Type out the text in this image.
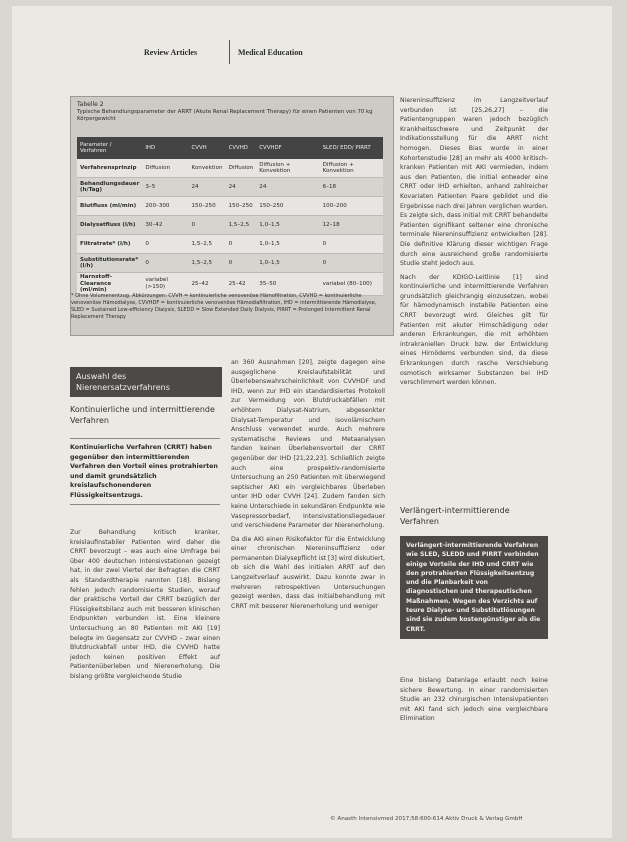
Review Articles	Medical Education
Tabelle 2
Typische Behandlungsparameter der ARRT (Akute Renal Replacement Therapy) für einen Patienten von 70 kg Körpergewicht
Parameter / Verfahren	IHD	CVVH	CVVHD	CVVHDF	SLED/ EDD/ PIRRT
Verfahrensprinzip	Diffusion	Konvektion	Diffusion	Diffusion + Konvektion	Diffusion + Konvektion
Behandlungsdauer (h/Tag)	3–5	24	24	24	6–18
Blutfluss (ml/min)	200–300	150–250	150–250	150–250	100–200
Dialysatfluss (l/h)	30–42	0	1,5–2,5	1,0–1,5	12–18
Filtratrate* (l/h)	0	1,5–2,5	0	1,0–1,5	0
Substitutionsrate* (l/h)	0	1,5–2,5	0	1,0–1,5	0
Harnstoff-Clearance (ml/min)	variabel (>150)	25–42	25–42	35–50	variabel (80–100)
* Ohne Volumenentzug. Abkürzungen: CVVH = kontinuierliche venovenöse Hämofiltration, CVVHD = kontinuierliche venovenöse Hämodialyse, CVVHDF = kontinuierliche venovenöse Hämodiafiltration, IHD = intermittierende Hämodialyse, SLED = Sustained Low-efficiency Dialysis, SLEDD = Slow Extended Daily Dialysis, PIRRT = Prolonged Intermittent Renal Replacement Therapy
Auswahl des Nierenersatzverfahrens
Kontinuierliche und intermittierende Verfahren
Kontinuierliche Verfahren (CRRT) haben gegenüber den intermittierenden Verfahren den Vorteil eines protrahierten und damit grundsätzlich kreislaufschonenderen Flüssigkeitsentzugs.

Zur Behandlung kritisch kranker, kreislaufinstabiler Patienten wird daher die CRRT bevorzugt – was auch eine Umfrage bei über 400 deutschen Intensivstationen gezeigt hat, in der zwei Viertel der Befragten die CRRT als Standardtherapie nannten [18]. Bislang fehlen jedoch randomisierte Studien, worauf der praktische Vorteil der CRRT bezüglich der Flüssigkeitsbilanz auch mit besseren klinischen Endpunkten verbunden ist. Eine kleinere Untersuchung an 80 Patienten mit AKI [19] belegte im Gegensatz zur CVVHD – zwar einen Blutdruckabfall unter IHD, die CVVHD hatte jedoch keinen positiven Effekt auf Patientenüberleben und Nierenerholung. Die bislang größte vergleichende Studie

an 360 Ausnahmen [20], zeigte dagegen eine ausgeglichene Kreislaufstabilität und Überlebenswahrscheinlichkeit von CVVHDF und IHD, wenn zur IHD ein standardisiertes Protokoll zur Vermeidung von Blutdruckabfällen mit erhöhtem Dialysat-Natrium, abgesenkter Dialysat-Temperatur und isovolämischem Anschluss verwendet wurde. Auch mehrere systematische Reviews und Metaanalysen fanden keinen Überlebensvorteil der CRRT gegenüber der IHD [21,22,23]. Schließlich zeigte auch eine prospektiv-randomisierte Untersuchung an 250 Patienten mit überwiegend septischer AKI ein vergleichbares Überleben unter IHD oder CVVH [24]. Zudem fanden sich keine Unterschiede in sekundären Endpunkte wie Vasopressorbedarf, Intensivstationsliegedauer und verschiedene Parameter der Nierenerholung.

Da die AKI einen Risikofaktor für die Entwicklung einer chronischen Niereninsuffizienz oder permanenten Dialysepflicht ist [3] wird diskutiert, ob sich die Wahl des initialen ARRT auf den Langzeitverlauf auswirkt. Dazu konnte zwar in mehreren retrospektiven Untersuchungen gezeigt werden, dass das Initialbehandlung mit CRRT mit besserer Nierenerholung und weniger

Niereninsuffizienz im Langzeitverlauf verbunden ist [25,26,27] – die Patientengruppen waren jedoch bezüglich Krankheitsschwere und Zeitpunkt der Indikationsstellung für die ARRT nicht homogen. Dieses Bias wurde in einer Kohortenstudie [28] an mehr als 4000 kritisch-kranken Patienten mit AKI vermieden, indem aus den Patienten, die initial entweder eine CRRT oder IHD erhielten, anhand zahlreicher Kovariaten Patienten Paare gebildet und die Ergebnisse nach drei Jahren verglichen wurden. Es zeigte sich, dass initial mit CRRT behandelte Patienten signifikant seltener eine chronische terminale Niereninsuffizienz entwickelten [28]. Die definitive Klärung dieser wichtigen Frage durch eine ausreichend große randomisierte Studie steht jedoch aus.

Nach der KDIGO-Leitlinie [1] sind kontinuierliche und intermittierende Verfahren grundsätzlich gleichrangig einzusetzen, wobei für hämodynamisch instabile Patienten eine CRRT bevorzugt wird. Gleiches gilt für Patienten mit akuter Hirnschädigung oder anderen Erkrankungen, die mit erhöhtem intrakraniellen Druck bzw. der Entwicklung eines Hirnödems verbunden sind, da diese Erkrankungen durch rasche Verschiebung osmotisch wirksamer Substanzen bei IHD verschlimmert werden können.

Verlängert-intermittierende Verfahren
Verlängert-intermittierende Verfahren wie SLED, SLEDD und PIRRT verbinden einige Vorteile der IHD und CRRT wie den protrahierten Flüssigkeitsentzug und die Planbarkeit von diagnostischen und therapeutischen Maßnahmen. Wegen des Verzichts auf teure Dialyse- und Substitutlösungen sind sie zudem kostengünstiger als die CRRT.

Eine bislang Datenlage erlaubt noch keine sichere Bewertung. In einer randomisierten Studie an 232 chirurgischen Intensivpatienten mit AKI fand sich jedoch eine vergleichbare Elimination

© Anasth Intensivmed 2017;58:600-614 Aktiv Druck & Verlag GmbH
